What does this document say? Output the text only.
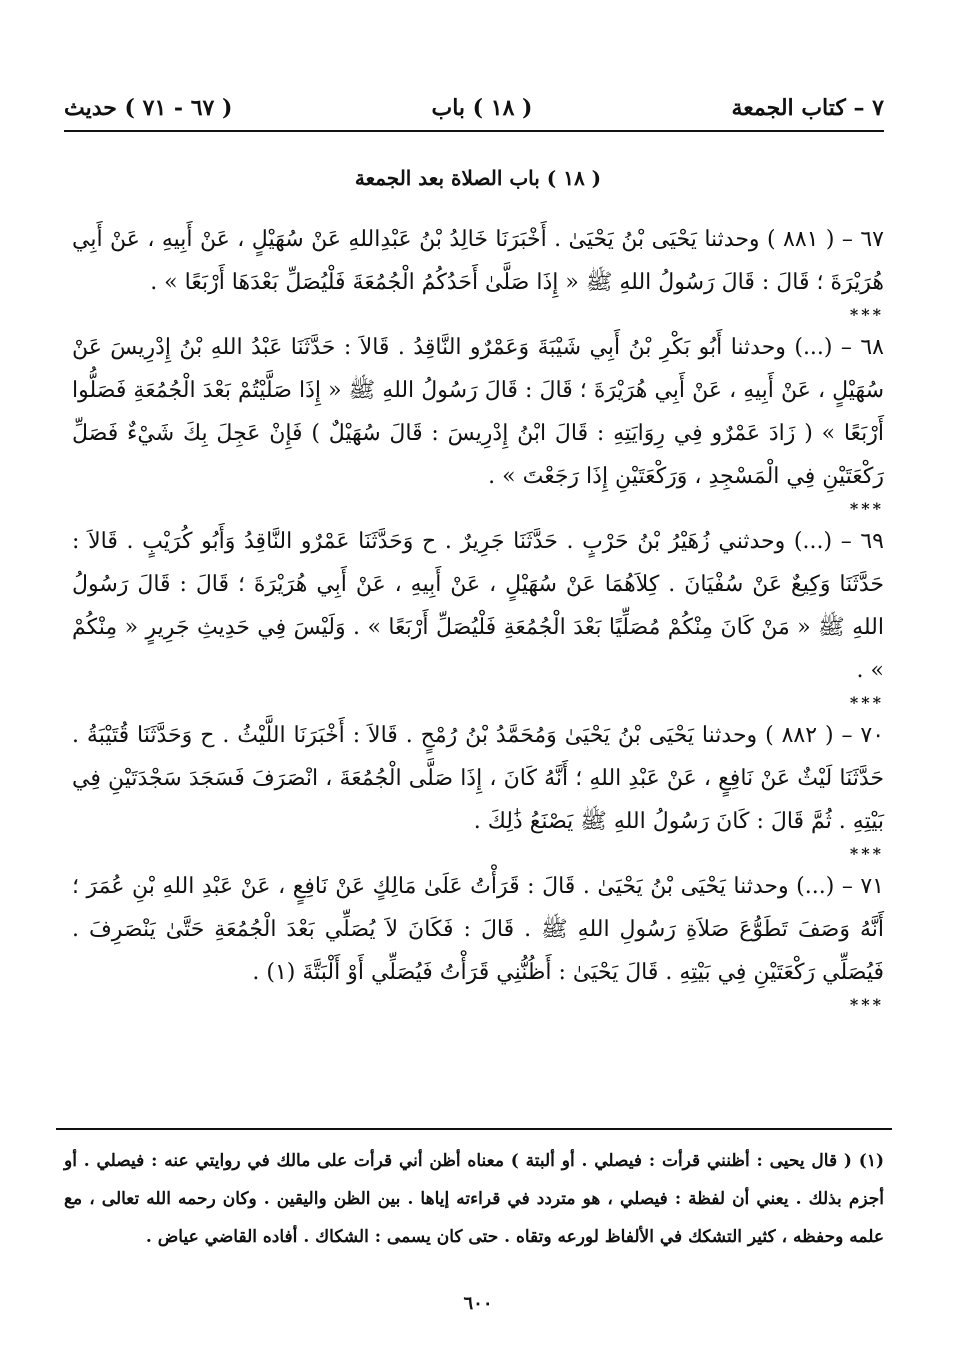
٧ – كتاب الجمعة
( ١٨ ) باب
( ٦٧ - ٧١ ) حديث
( ١٨ ) باب الصلاة بعد الجمعة

٦٧ – ( ٨٨١ ) وحدثنا يَحْيَى بْنُ يَحْيَىٰ . أَخْبَرَنَا خَالِدُ بْنُ عَبْدِاللهِ عَنْ سُهَيْلٍ ، عَنْ أَبِيهِ ، عَنْ أَبِي هُرَيْرَةَ ؛ قَالَ : قَالَ رَسُولُ اللهِ ﷺ « إِذَا صَلَّىٰ أَحَدُكُمُ الْجُمُعَةَ فَلْيُصَلِّ بَعْدَهَا أَرْبَعًا » .

***

٦٨ – (...) وحدثنا أَبُو بَكْرِ بْنُ أَبِي شَيْبَةَ وَعَمْرٌو النَّاقِدُ . قَالاَ : حَدَّثَنَا عَبْدُ اللهِ بْنُ إِدْرِيسَ عَنْ سُهَيْلٍ ، عَنْ أَبِيهِ ، عَنْ أَبِي هُرَيْرَةَ ؛ قَالَ : قَالَ رَسُولُ اللهِ ﷺ « إِذَا صَلَّيْتُمْ بَعْدَ الْجُمُعَةِ فَصَلُّوا أَرْبَعًا » ( زَادَ عَمْرٌو فِي رِوَايَتِهِ : قَالَ ابْنُ إِدْرِيسَ : قَالَ سُهَيْلٌ ) فَإِنْ عَجِلَ بِكَ شَيْءٌ فَصَلِّ رَكْعَتَيْنِ فِي الْمَسْجِدِ ، وَرَكْعَتَيْنِ إِذَا رَجَعْتَ » .

***

٦٩ – (...) وحدثني زُهَيْرُ بْنُ حَرْبٍ . حَدَّثَنَا جَرِيرٌ . ح وَحَدَّثَنَا عَمْرٌو النَّاقِدُ وَأَبُو كُرَيْبٍ . قَالاَ : حَدَّثَنَا وَكِيعٌ عَنْ سُفْيَانَ . كِلاَهُمَا عَنْ سُهَيْلٍ ، عَنْ أَبِيهِ ، عَنْ أَبِي هُرَيْرَةَ ؛ قَالَ : قَالَ رَسُولُ اللهِ ﷺ « مَنْ كَانَ مِنْكُمْ مُصَلِّيًا بَعْدَ الْجُمُعَةِ فَلْيُصَلِّ أَرْبَعًا » . وَلَيْسَ فِي حَدِيثِ جَرِيرٍ « مِنْكُمْ » .

***

٧٠ – ( ٨٨٢ ) وحدثنا يَحْيَى بْنُ يَحْيَىٰ وَمُحَمَّدُ بْنُ رُمْحٍ . قَالاَ : أَخْبَرَنَا اللَّيْثُ . ح وَحَدَّثَنَا قُتَيْبَةُ . حَدَّثَنَا لَيْثٌ عَنْ نَافِعٍ ، عَنْ عَبْدِ اللهِ ؛ أَنَّهُ كَانَ ، إِذَا صَلَّى الْجُمُعَةَ ، انْصَرَفَ فَسَجَدَ سَجْدَتَيْنِ فِي بَيْتِهِ . ثُمَّ قَالَ : كَانَ رَسُولُ اللهِ ﷺ يَصْنَعُ ذَٰلِكَ .

***

٧١ – (...) وحدثنا يَحْيَى بْنُ يَحْيَىٰ . قَالَ : قَرَأْتُ عَلَىٰ مَالِكٍ عَنْ نَافِعٍ ، عَنْ عَبْدِ اللهِ بْنِ عُمَرَ ؛ أَنَّهُ وَصَفَ تَطَوُّعَ صَلاَةِ رَسُولِ اللهِ ﷺ . قَالَ : فَكَانَ لاَ يُصَلِّي بَعْدَ الْجُمُعَةِ حَتَّىٰ يَنْصَرِفَ . فَيُصَلِّي رَكْعَتَيْنِ فِي بَيْتِهِ . قَالَ يَحْيَىٰ : أَظُنُّنِي قَرَأْتُ فَيُصَلِّي أَوْ أَلْبَتَّةَ (١) .

***

(١) ( قال يحيى : أظنني قرأت : فيصلي . أو ألبتة ) معناه أظن أني قرأت على مالك في روايتي عنه : فيصلي . أو أجزم بذلك . يعني أن لفظة : فيصلي ، هو متردد في قراءته إياها . بين الظن واليقين . وكان رحمه الله تعالى ، مع علمه وحفظه ، كثير التشكك في الألفاظ لورعه وتقاه . حتى كان يسمى : الشكاك . أفاده القاضي عياض .
٦٠٠
